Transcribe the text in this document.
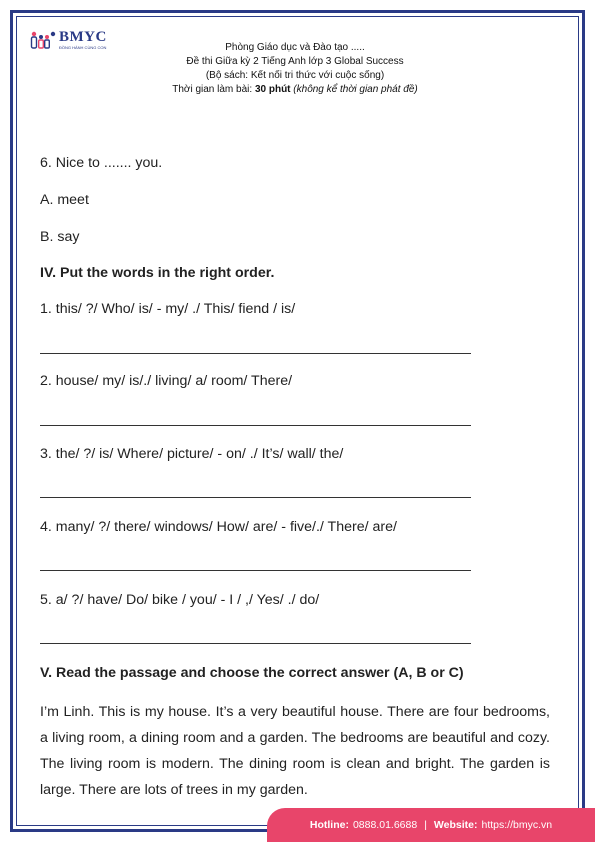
BMYC
ĐỒNG HÀNH CÙNG CON	Phòng Giáo dục và Đào tạo .....
Đề thi Giữa kỳ 2 Tiếng Anh lớp 3 Global Success
(Bộ sách: Kết nối tri thức với cuộc sống)
Thời gian làm bài: 30 phút (không kể thời gian phát đề)
6. Nice to ....... you.
A. meet
B. say
IV. Put the words in the right order.
1. this/ ?/ Who/ is/ - my/ ./ This/ fiend / is/
2. house/ my/ is/./ living/ a/ room/ There/
3. the/ ?/ is/ Where/ picture/ - on/ ./ It’s/ wall/ the/
4. many/ ?/ there/ windows/ How/ are/ - five/./ There/ are/
5. a/ ?/ have/ Do/ bike / you/ - I / ,/ Yes/ ./ do/
V. Read the passage and choose the correct answer (A, B or C)
I’m Linh. This is my house. It’s a very beautiful house. There are four bedrooms, a living room, a dining room and a garden. The bedrooms are beautiful and cozy. The living room is modern. The dining room is clean and bright. The garden is large. There are lots of trees in my garden.
Hotline: 0888.01.6688 | Website: https://bmyc.vn
